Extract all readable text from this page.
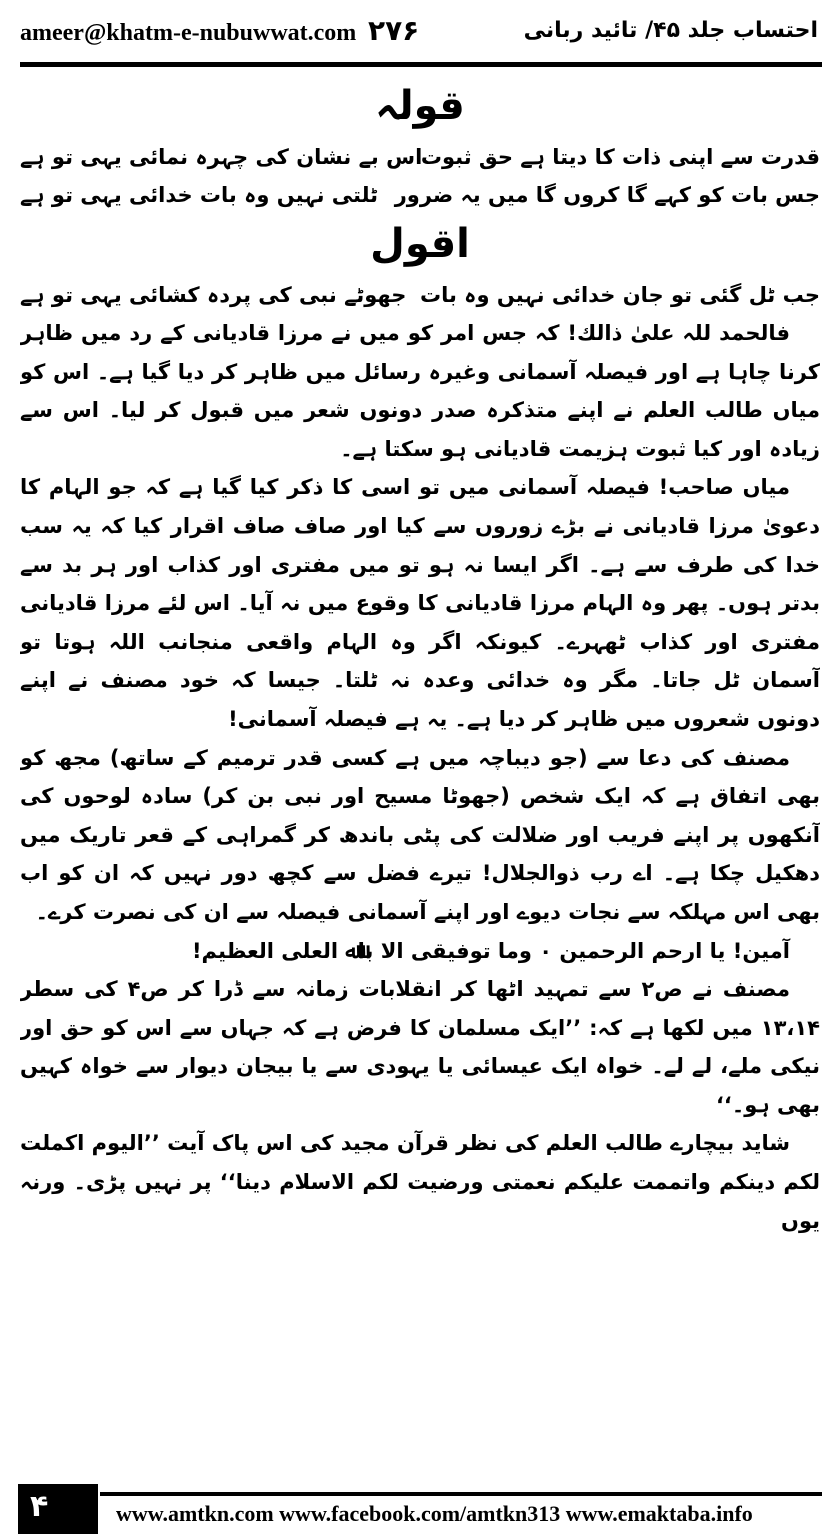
ameer@khatm-e-nubuwwat.com ۲۷۶	احتساب جلد ۴۵/ تائید ربانی
قولہ
قدرت سے اپنی ذات کا دیتا ہے حق ثبوت
اس بے نشان کی چہرہ نمائی یہی تو ہے
جس بات کو کہے گا کروں گا میں یہ ضرور
ٹلتی نہیں وہ بات خدائی یہی تو ہے
اقول
جب ٹل گئی تو جان خدائی نہیں وہ بات
جھوٹے نبی کی پردہ کشائی یہی تو ہے

فالحمد للہ علیٰ ذالك! کہ جس امر کو میں نے مرزا قادیانی کے رد میں ظاہر کرنا چاہا ہے اور فیصلہ آسمانی وغیرہ رسائل میں ظاہر کر دیا گیا ہے۔ اس کو میاں طالب العلم نے اپنے متذکرہ صدر دونوں شعر میں قبول کر لیا۔ اس سے زیادہ اور کیا ثبوت ہزیمت قادیانی ہو سکتا ہے۔

میاں صاحب! فیصلہ آسمانی میں تو اسی کا ذکر کیا گیا ہے کہ جو الہام کا دعویٰ مرزا قادیانی نے بڑے زوروں سے کیا اور صاف صاف اقرار کیا کہ یہ سب خدا کی طرف سے ہے۔ اگر ایسا نہ ہو تو میں مفتری اور کذاب اور ہر بد سے بدتر ہوں۔ پھر وہ الہام مرزا قادیانی کا وقوع میں نہ آیا۔ اس لئے مرزا قادیانی مفتری اور کذاب ٹھہرے۔ کیونکہ اگر وہ الہام واقعی منجانب اللہ ہوتا تو آسمان ٹل جاتا۔ مگر وہ خدائی وعدہ نہ ٹلتا۔ جیسا کہ خود مصنف نے اپنے دونوں شعروں میں ظاہر کر دیا ہے۔ یہ ہے فیصلہ آسمانی!

مصنف کی دعا سے (جو دیباچہ میں ہے کسی قدر ترمیم کے ساتھ) مجھ کو بھی اتفاق ہے کہ ایک شخص (جھوٹا مسیح اور نبی بن کر) سادہ لوحوں کی آنکھوں پر اپنے فریب اور ضلالت کی پٹی باندھ کر گمراہی کے قعر تاریک میں دھکیل چکا ہے۔ اے رب ذوالجلال! تیرے فضل سے کچھ دور نہیں کہ ان کو اب بھی اس مہلکہ سے نجات دیوے اور اپنے آسمانی فیصلہ سے ان کی نصرت کرے۔

آمین! یا ارحم الرحمین ۰ وما توفیقی الا باﷲ العلی العظیم!

مصنف نے ص۲ سے تمہید اٹھا کر انقلابات زمانہ سے ڈرا کر ص۴ کی سطر ۱۳،۱۴ میں لکھا ہے کہ: ’’ایک مسلمان کا فرض ہے کہ جہاں سے اس کو حق اور نیکی ملے، لے لے۔ خواہ ایک عیسائی یا یہودی سے یا بیجان دیوار سے خواہ کہیں بھی ہو۔‘‘

شاید بیچارے طالب العلم کی نظر قرآن مجید کی اس پاک آیت ’’الیوم اکملت لکم دینکم واتممت علیکم نعمتی ورضیت لکم الاسلام دینا‘‘ پر نہیں پڑی۔ ورنہ یوں

۴	www.amtkn.com www.facebook.com/amtkn313 www.emaktaba.info
